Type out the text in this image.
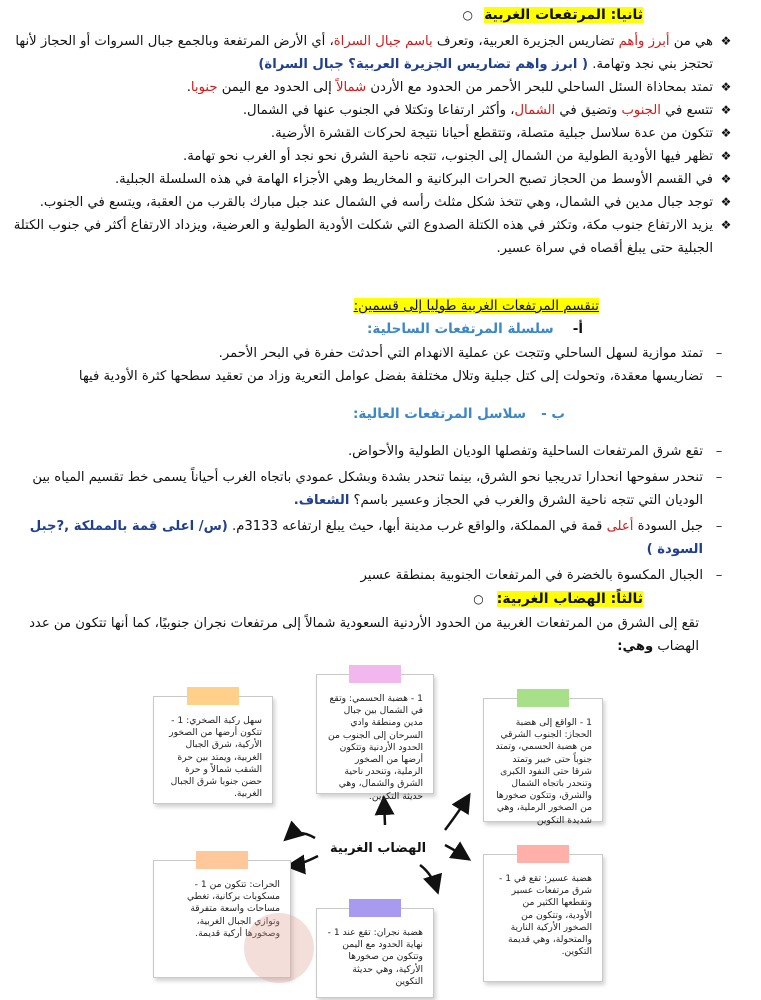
ثانيا: المرتفعات الغربية ○
❖
هي من أبرز وأهم تضاريس الجزيرة العربية، وتعرف باسم جبال السراة، أي الأرض المرتفعة وبالجمع جبال السروات أو الحجاز لأنها تحتجز بني نجد وتهامة. ( ابرز واهم تضاريس الجزيرة العربية؟ جبال السراة)
❖
تمتد بمحاذاة السئل الساحلي للبحر الأحمر من الحدود مع الأردن شمالاً إلى الحدود مع اليمن جنوبا.
❖
تتسع في الجنوب وتضيق في الشمال، وأكثر ارتفاعا وتكتلا في الجنوب عنها في الشمال.
❖
تتكون من عدة سلاسل جبلية متصلة، وتتقطع أحيانا نتيجة لحركات القشرة الأرضية.
❖
تظهر فيها الأودية الطولية من الشمال إلى الجنوب، تتجه ناحية الشرق نحو نجد أو الغرب نحو تهامة.
❖
في القسم الأوسط من الحجاز تصبح الحرات البركانية و المخاريط وهي الأجزاء الهامة في هذه السلسلة الجبلية.
❖
توجد جبال مدين في الشمال، وهي تتخذ شكل مثلث رأسه في الشمال عند جبل مبارك بالقرب من العقبة، ويتسع في الجنوب.
❖
يزيد الارتفاع جنوب مكة، وتكثر في هذه الكتلة الصدوع التي شكلت الأودية الطولية و العرضية، ويزداد الارتفاع أكثر في جنوب الكتلة الجبلية حتى يبلغ أقصاه في سراة عسير.
تنقسم المرتفعات الغربية طوليا إلى قسمين:
أ- سلسلة المرتفعات الساحلية:
–
تمتد موازية لسهل الساحلي وتتجت عن عملية الانهدام التي أحدثت حفرة في البحر الأحمر.
–
تضاريسها معقدة، وتحولت إلى كتل جبلية وتلال مختلفة بفضل عوامل التعرية وزاد من تعقيد سطحها كثرة الأودية فيها
ب - سلاسل المرتفعات العالية:
–
تقع شرق المرتفعات الساحلية وتفصلها الوديان الطولية والأحواض.
–
تنحدر سفوحها انحدارا تدريجيا نحو الشرق، بينما تنحدر بشدة وبشكل عمودي باتجاه الغرب أحياناً يسمى خط تقسيم المياه بين الوديان التي تتجه ناحية الشرق والغرب في الحجاز وعسير باسم؟ الشعاف.
–
جبل السودة أعلى قمة في المملكة، والواقع غرب مدينة أبها، حيث يبلغ ارتفاعه 3133م. (س/ اعلى قمة بالمملكة ,?جبل السودة )
–
الجبال المكسوة بالخضرة في المرتفعات الجنوبية بمنطقة عسير
ثالثاً: الهضاب الغربية: ○
تقع إلى الشرق من المرتفعات الغربية من الحدود الأردنية السعودية شمالاً إلى مرتفعات نجران جنوبيًا، كما أنها تتكون من عدد الهضاب وهي:
الهضاب الغربية
1 - هضبة الحسمي: وتقع في الشمال بين جبال مدين ومنطقة وادي السرحان إلى الجنوب من الحدود الأردنية وتتكون أرضها من الصخور الرملية، وتنحدر ناحية الشرق والشمال، وهي حديثة التكوين.
سهل ركبة الصخري: 1 - تتكون أرضها من الصخور الأركية، شرق الجبال الغربية، ويمتد بين حرة الشقب شمالاً و حرة حضن جنوبا شرق الجبال الغربية.
1 - الواقع إلى هضبة الحجاز: الجنوب الشرقي من هضبة الحسمي، وتمتد جنوباً حتى خيبر وتمتد شرقا حتى النفود الكبرى وتنحدر باتجاه الشمال والشرق، وتتكون صخورها من الصخور الرملية، وهي شديدة التكوين
الحرات: تتكون من 1 - مسكوبات بركانية، تغطي مساحات واسعة متفرقة وتوازي الجبال الغربية، وصخورها أركية قديمة.	هضبة نجران: تقع عند 1 - نهاية الحدود مع اليمن وتتكون من صخورها الأركية، وهي حديثة التكوين
هضبة عسير: تقع في 1 - شرق مرتفعات عسير وتقطعها الكثير من الأودية، وتتكون من الصخور الأركية النارية والمتحولة، وهي قديمة التكوين.
